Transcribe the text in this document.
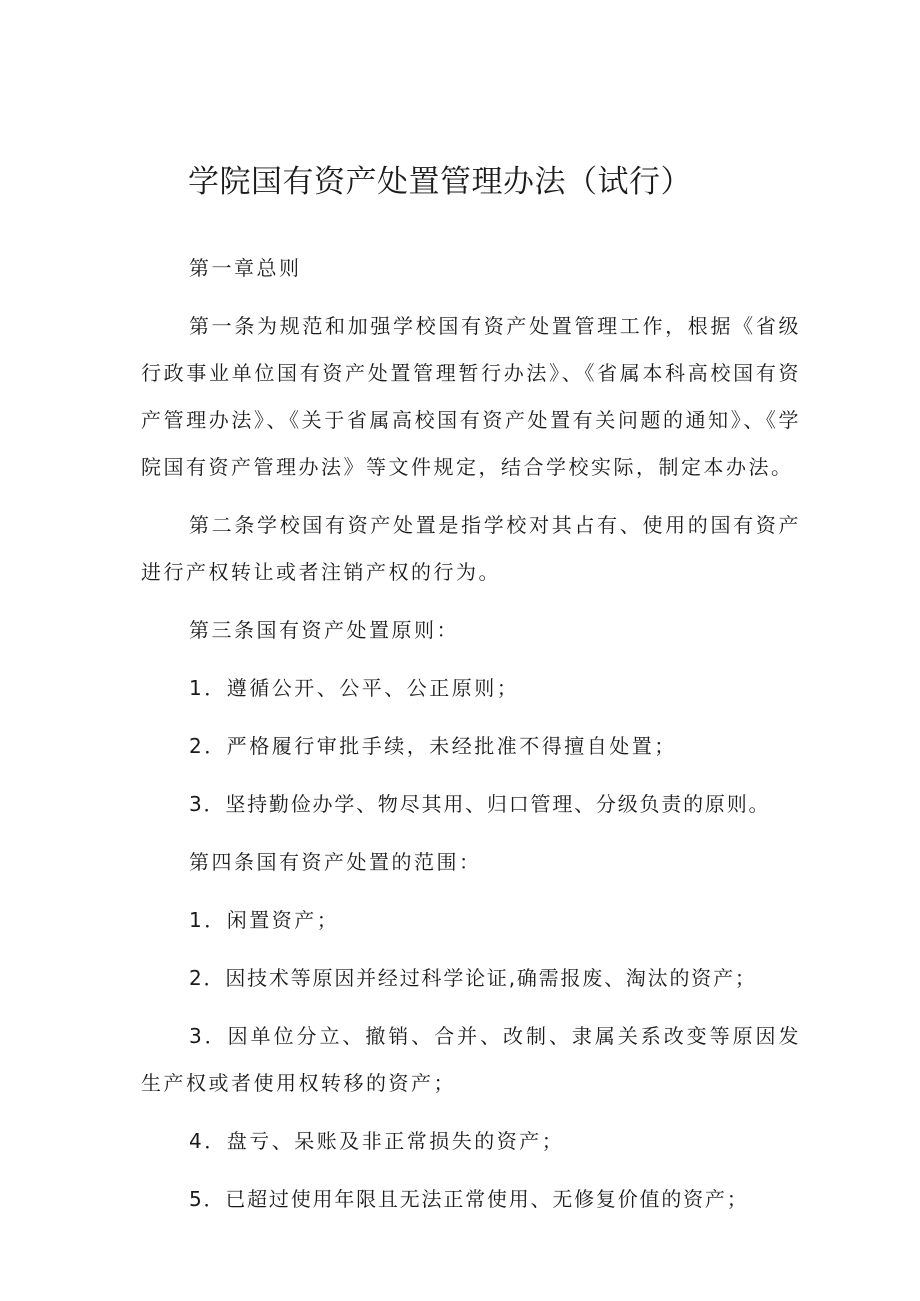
学院国有资产处置管理办法（试行）

第一章总则

第一条为规范和加强学校国有资产处置管理工作，根据《省级行政事业单位国有资产处置管理暂行办法》、《省属本科高校国有资产管理办法》、《关于省属高校国有资产处置有关问题的通知》、《学院国有资产管理办法》等文件规定，结合学校实际，制定本办法。

第二条学校国有资产处置是指学校对其占有、使用的国有资产进行产权转让或者注销产权的行为。

第三条国有资产处置原则：

1．遵循公开、公平、公正原则；

2．严格履行审批手续，未经批准不得擅自处置；

3．坚持勤俭办学、物尽其用、归口管理、分级负责的原则。

第四条国有资产处置的范围：

1．闲置资产；

2．因技术等原因并经过科学论证,确需报废、淘汰的资产；

3．因单位分立、撤销、合并、改制、隶属关系改变等原因发生产权或者使用权转移的资产；

4．盘亏、呆账及非正常损失的资产；

5．已超过使用年限且无法正常使用、无修复价值的资产；
